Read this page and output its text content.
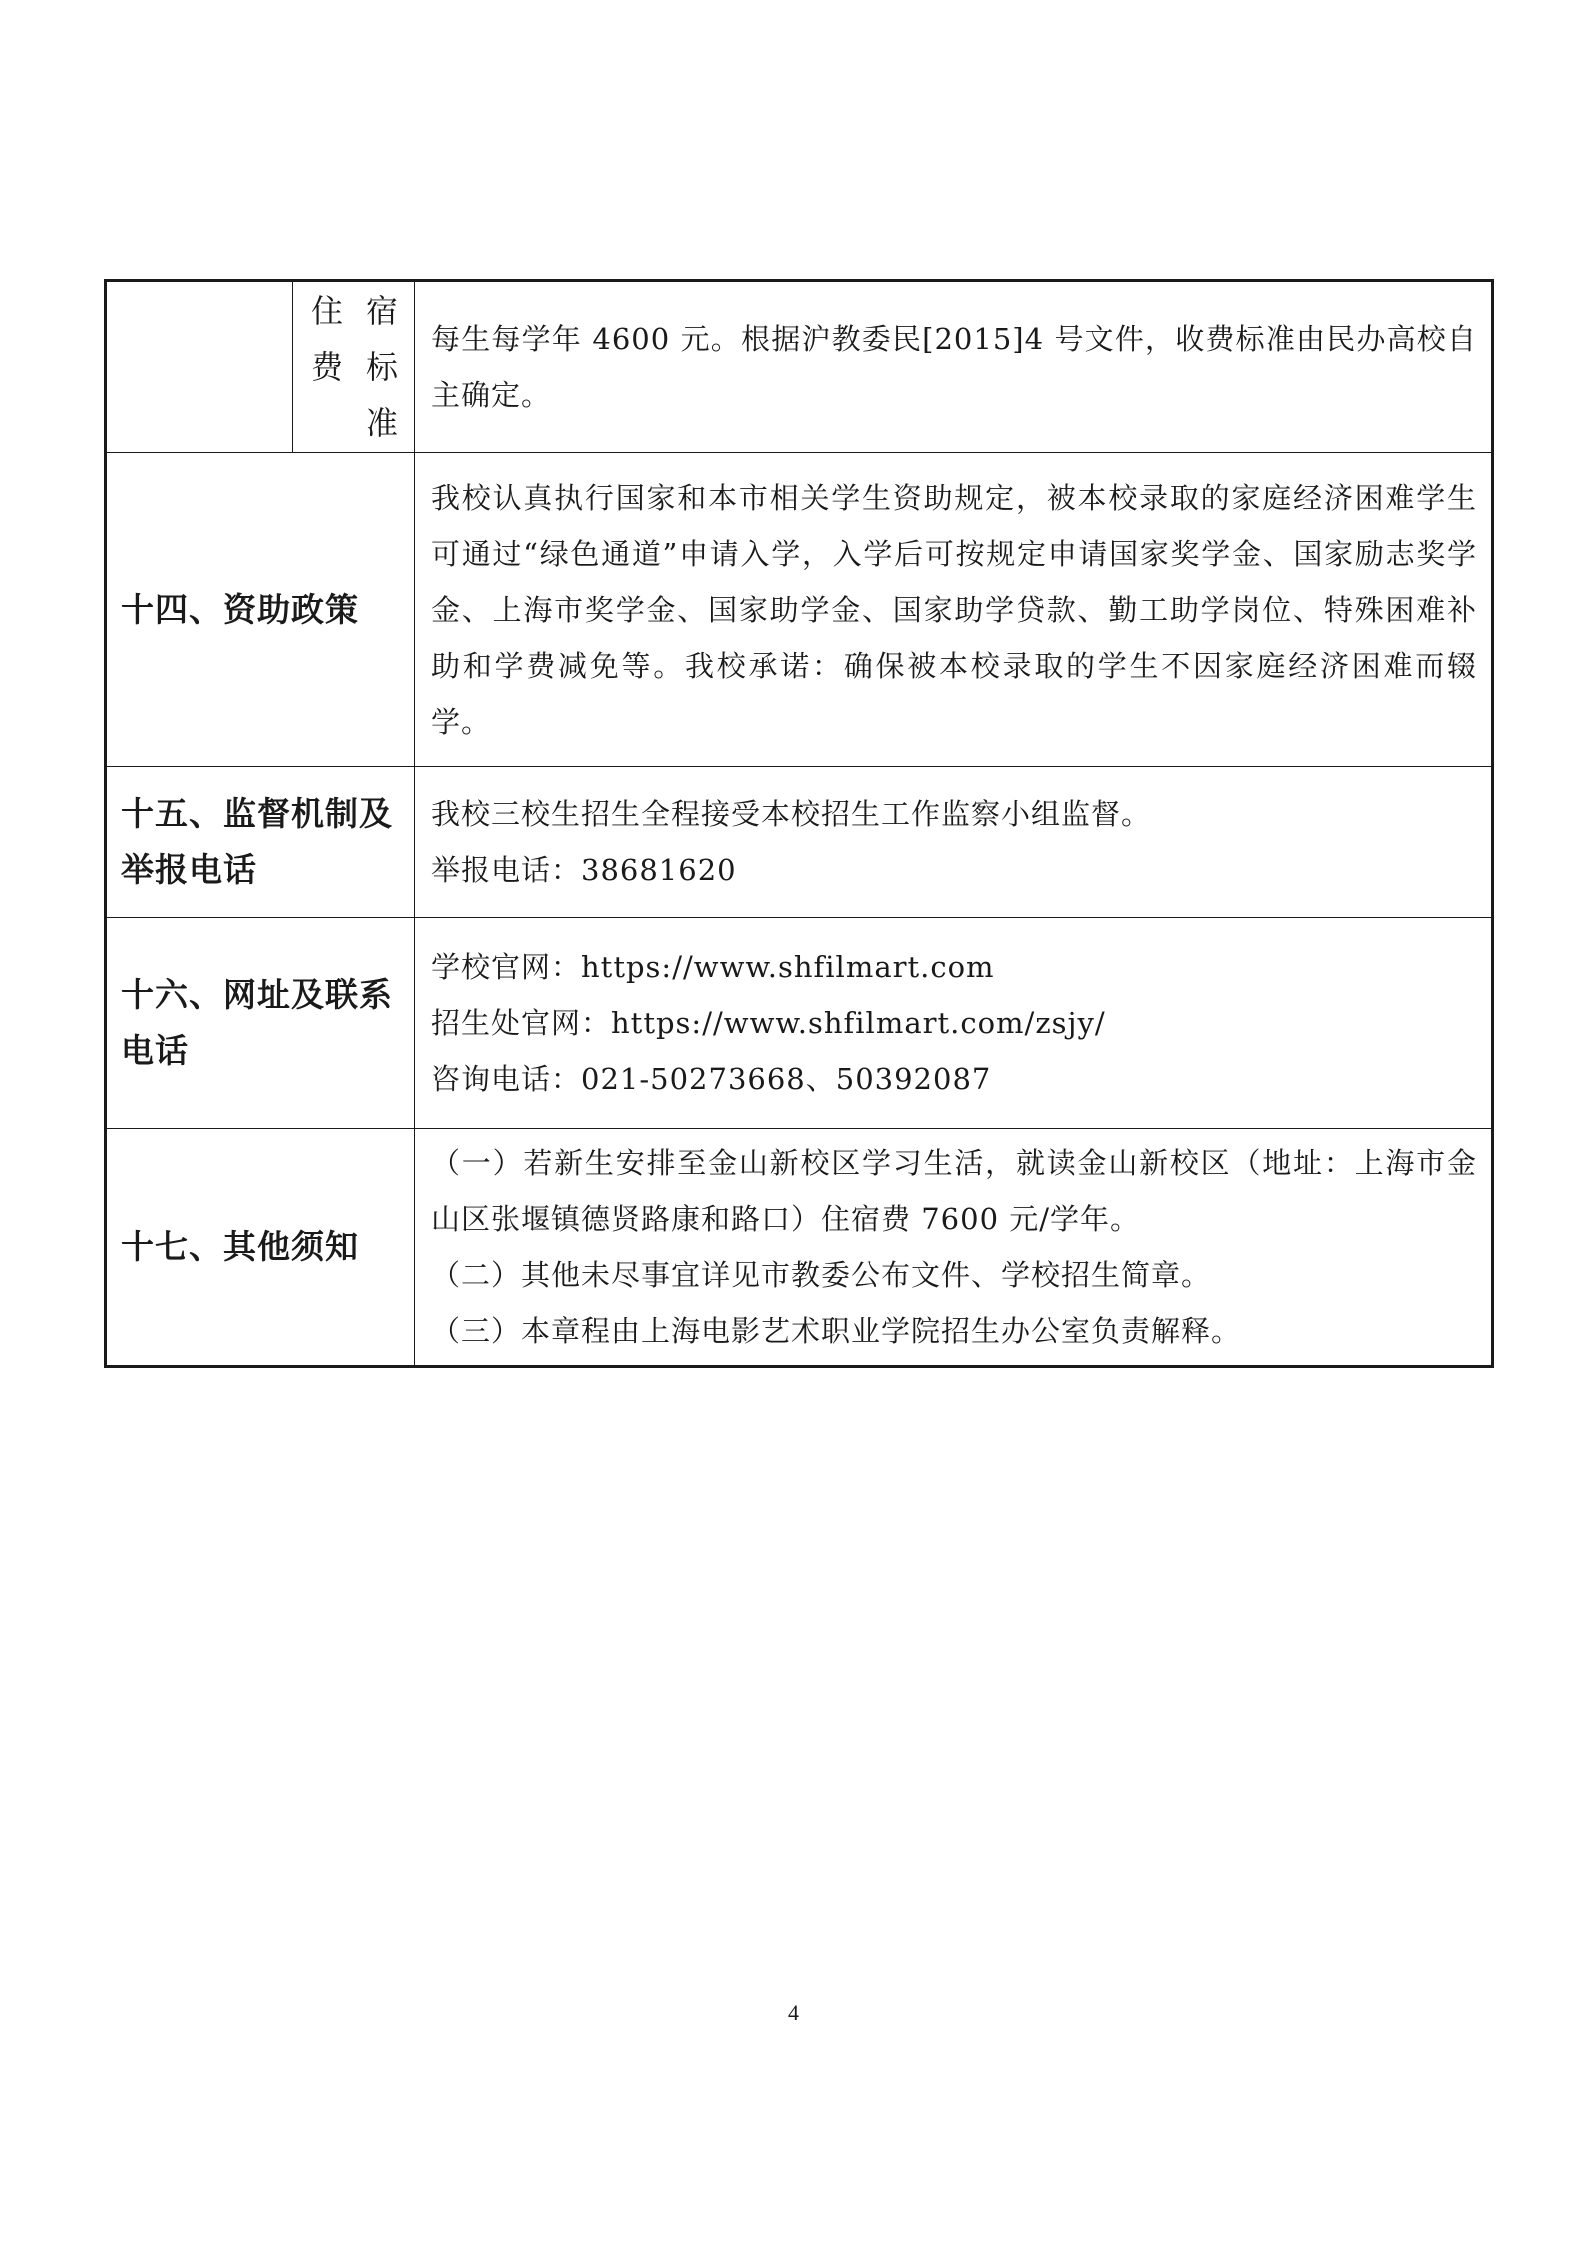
	住 宿
费 标
准	每生每学年 4600 元。根据沪教委民[2015]4 号文件，收费标准由民办高校自主确定。

十四、资助政策		我校认真执行国家和本市相关学生资助规定，被本校录取的家庭经济困难学生可通过“绿色通道”申请入学，入学后可按规定申请国家奖学金、国家励志奖学金、上海市奖学金、国家助学金、国家助学贷款、勤工助学岗位、特殊困难补助和学费减免等。我校承诺：确保被本校录取的学生不因家庭经济困难而辍学。

十五、监督机制及举报电话		我校三校生招生全程接受本校招生工作监察小组监督。

举报电话：38681620

十六、网址及联系电话		学校官网：https://www.shfilmart.com

招生处官网：https://www.shfilmart.com/zsjy/

咨询电话：021-50273668、50392087

十七、其他须知		（一）若新生安排至金山新校区学习生活，就读金山新校区（地址：上海市金山区张堰镇德贤路康和路口）住宿费 7600 元/学年。

（二）其他未尽事宜详见市教委公布文件、学校招生简章。

（三）本章程由上海电影艺术职业学院招生办公室负责解释。

4
